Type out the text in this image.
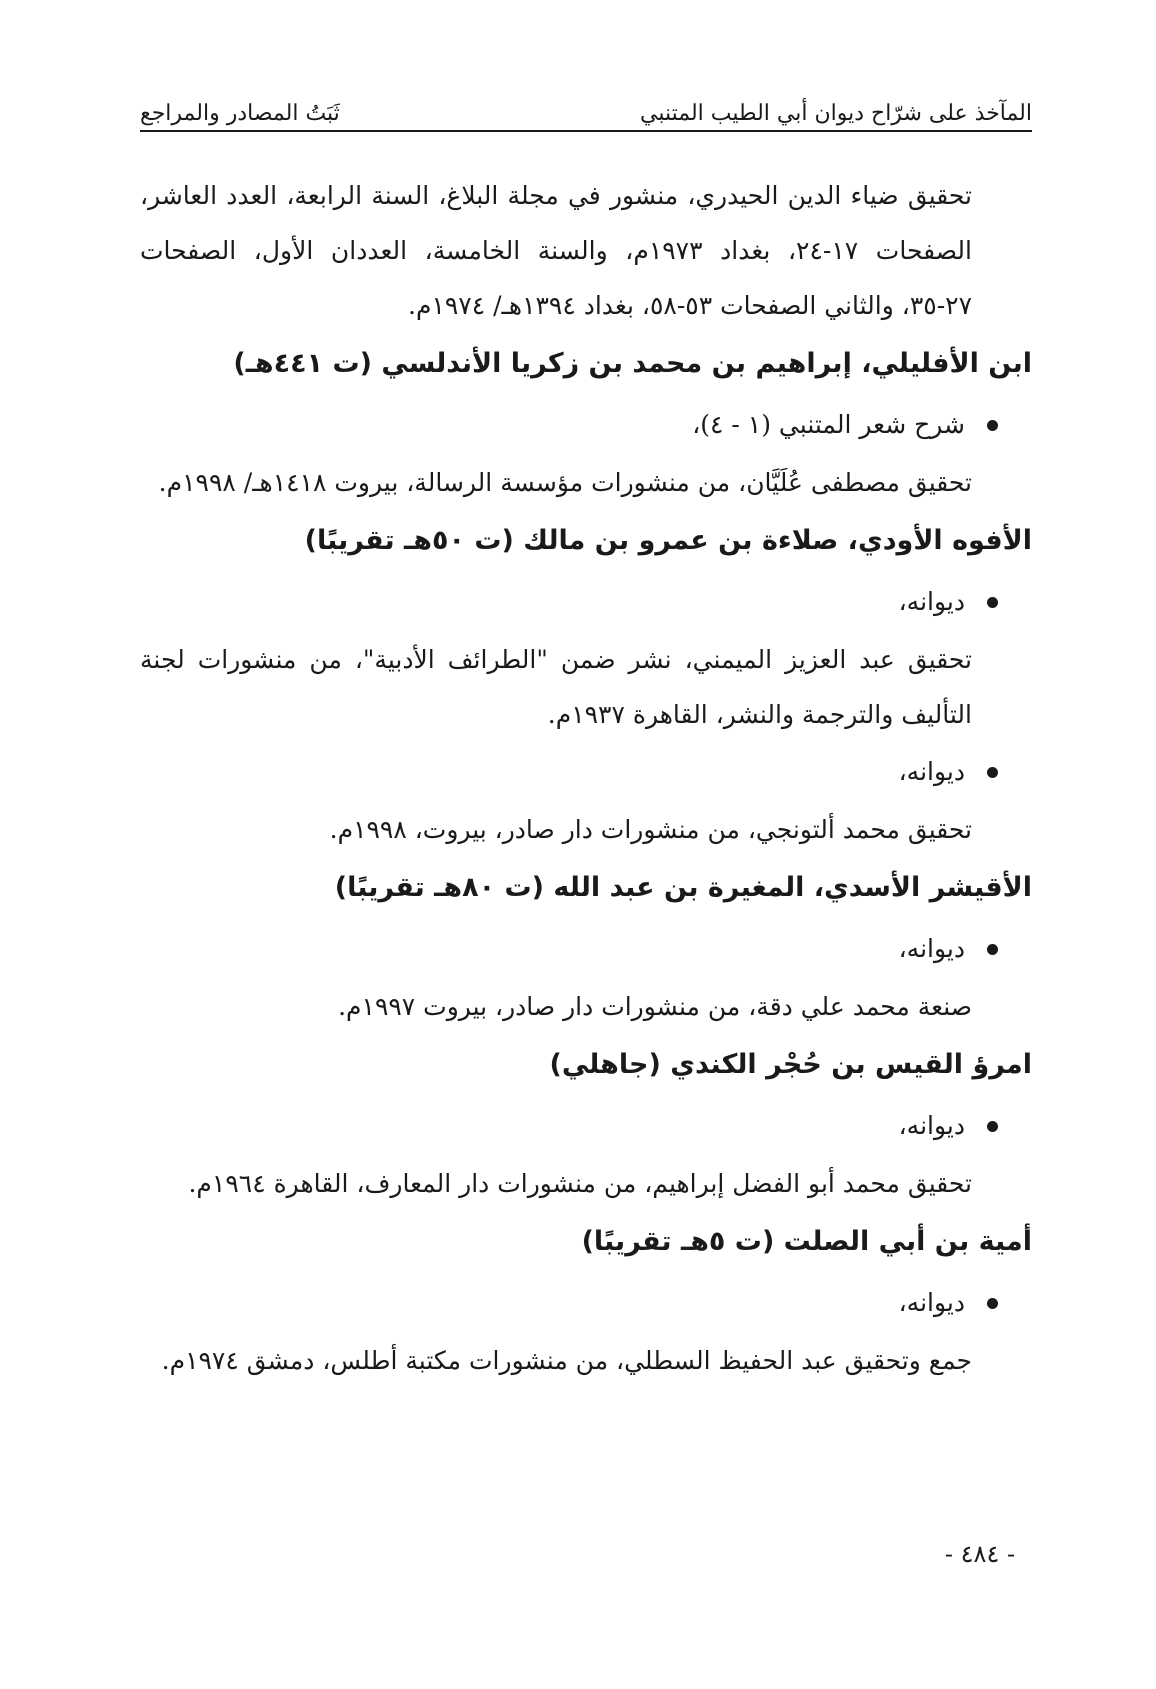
المآخذ على شرّاح ديوان أبي الطيب المتنبي
ثَبَتُ المصادر والمراجع

تحقيق ضياء الدين الحيدري، منشور في مجلة البلاغ، السنة الرابعة، العدد العاشر، الصفحات ١٧-٢٤، بغداد ١٩٧٣م، والسنة الخامسة، العددان الأول، الصفحات ٢٧-٣٥، والثاني الصفحات ٥٣-٥٨، بغداد ١٣٩٤هـ/ ١٩٧٤م.

ابن الأفليلي، إبراهيم بن محمد بن زكريا الأندلسي (ت ٤٤١هـ)

شرح شعر المتنبي (١ - ٤)،

تحقيق مصطفى عُلَيَّان، من منشورات مؤسسة الرسالة، بيروت ١٤١٨هـ/ ١٩٩٨م.

الأفوه الأودي، صلاءة بن عمرو بن مالك (ت ٥٠هـ تقريبًا)

ديوانه،

تحقيق عبد العزيز الميمني، نشر ضمن "الطرائف الأدبية"، من منشورات لجنة التأليف والترجمة والنشر، القاهرة ١٩٣٧م.

ديوانه،

تحقيق محمد ألتونجي، من منشورات دار صادر، بيروت، ١٩٩٨م.

الأقيشر الأسدي، المغيرة بن عبد الله (ت ٨٠هـ تقريبًا)

ديوانه،

صنعة محمد علي دقة، من منشورات دار صادر، بيروت ١٩٩٧م.

امرؤ القيس بن حُجْر الكندي (جاهلي)

ديوانه،

تحقيق محمد أبو الفضل إبراهيم، من منشورات دار المعارف، القاهرة ١٩٦٤م.

أمية بن أبي الصلت (ت ٥هـ تقريبًا)

ديوانه،

جمع وتحقيق عبد الحفيظ السطلي، من منشورات مكتبة أطلس، دمشق ١٩٧٤م.

- ٤٨٤ -
